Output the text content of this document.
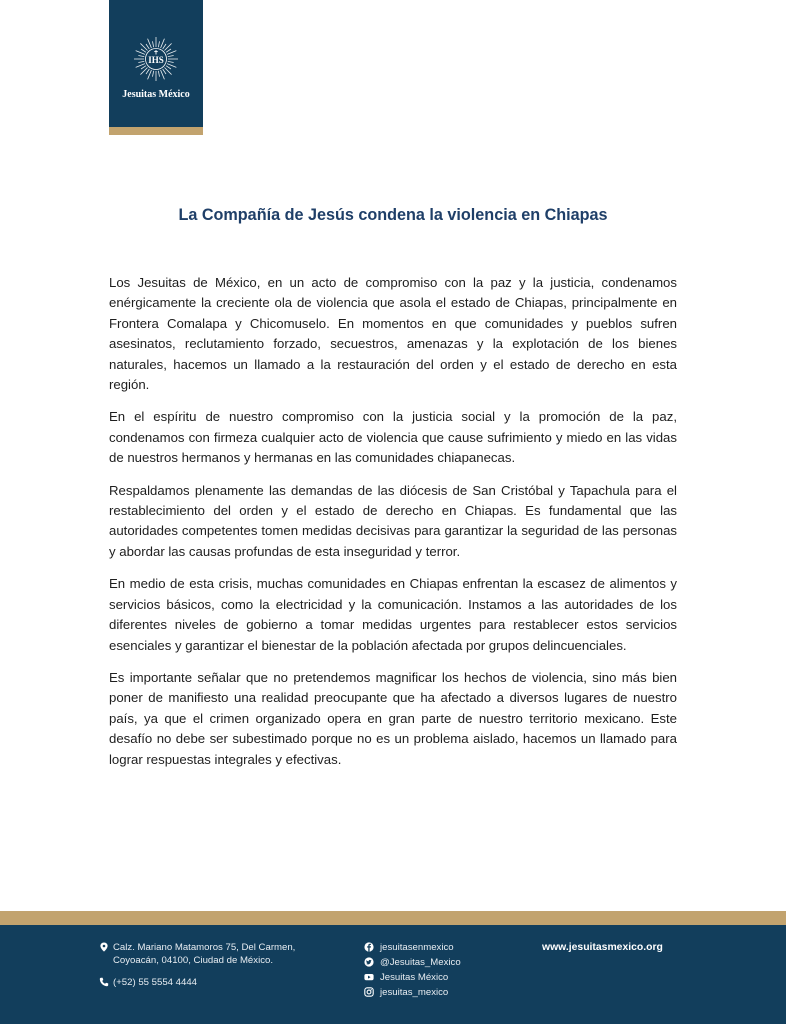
IHS
Jesuitas México
La Compañía de Jesús condena la violencia en Chiapas

Los Jesuitas de México, en un acto de compromiso con la paz y la justicia, condenamos enérgicamente la creciente ola de violencia que asola el estado de Chiapas, principalmente en Frontera Comalapa y Chicomuselo. En momentos en que comunidades y pueblos sufren asesinatos, reclutamiento forzado, secuestros, amenazas y la explotación de los bienes naturales, hacemos un llamado a la restauración del orden y el estado de derecho en esta región.

En el espíritu de nuestro compromiso con la justicia social y la promoción de la paz, condenamos con firmeza cualquier acto de violencia que cause sufrimiento y miedo en las vidas de nuestros hermanos y hermanas en las comunidades chiapanecas.

Respaldamos plenamente las demandas de las diócesis de San Cristóbal y Tapachula para el restablecimiento del orden y el estado de derecho en Chiapas. Es fundamental que las autoridades competentes tomen medidas decisivas para garantizar la seguridad de las personas y abordar las causas profundas de esta inseguridad y terror.

En medio de esta crisis, muchas comunidades en Chiapas enfrentan la escasez de alimentos y servicios básicos, como la electricidad y la comunicación. Instamos a las autoridades de los diferentes niveles de gobierno a tomar medidas urgentes para restablecer estos servicios esenciales y garantizar el bienestar de la población afectada por grupos delincuenciales.

Es importante señalar que no pretendemos magnificar los hechos de violencia, sino más bien poner de manifiesto una realidad preocupante que ha afectado a diversos lugares de nuestro país, ya que el crimen organizado opera en gran parte de nuestro territorio mexicano. Este desafío no debe ser subestimado porque no es un problema aislado, hacemos un llamado para lograr respuestas integrales y efectivas.

Calz. Mariano Matamoros 75, Del Carmen,
Coyoacán, 04100, Ciudad de México.
(+52) 55 5554 4444
jesuitasenmexico
@Jesuitas_Mexico
Jesuitas México
jesuitas_mexico
www.jesuitasmexico.org
